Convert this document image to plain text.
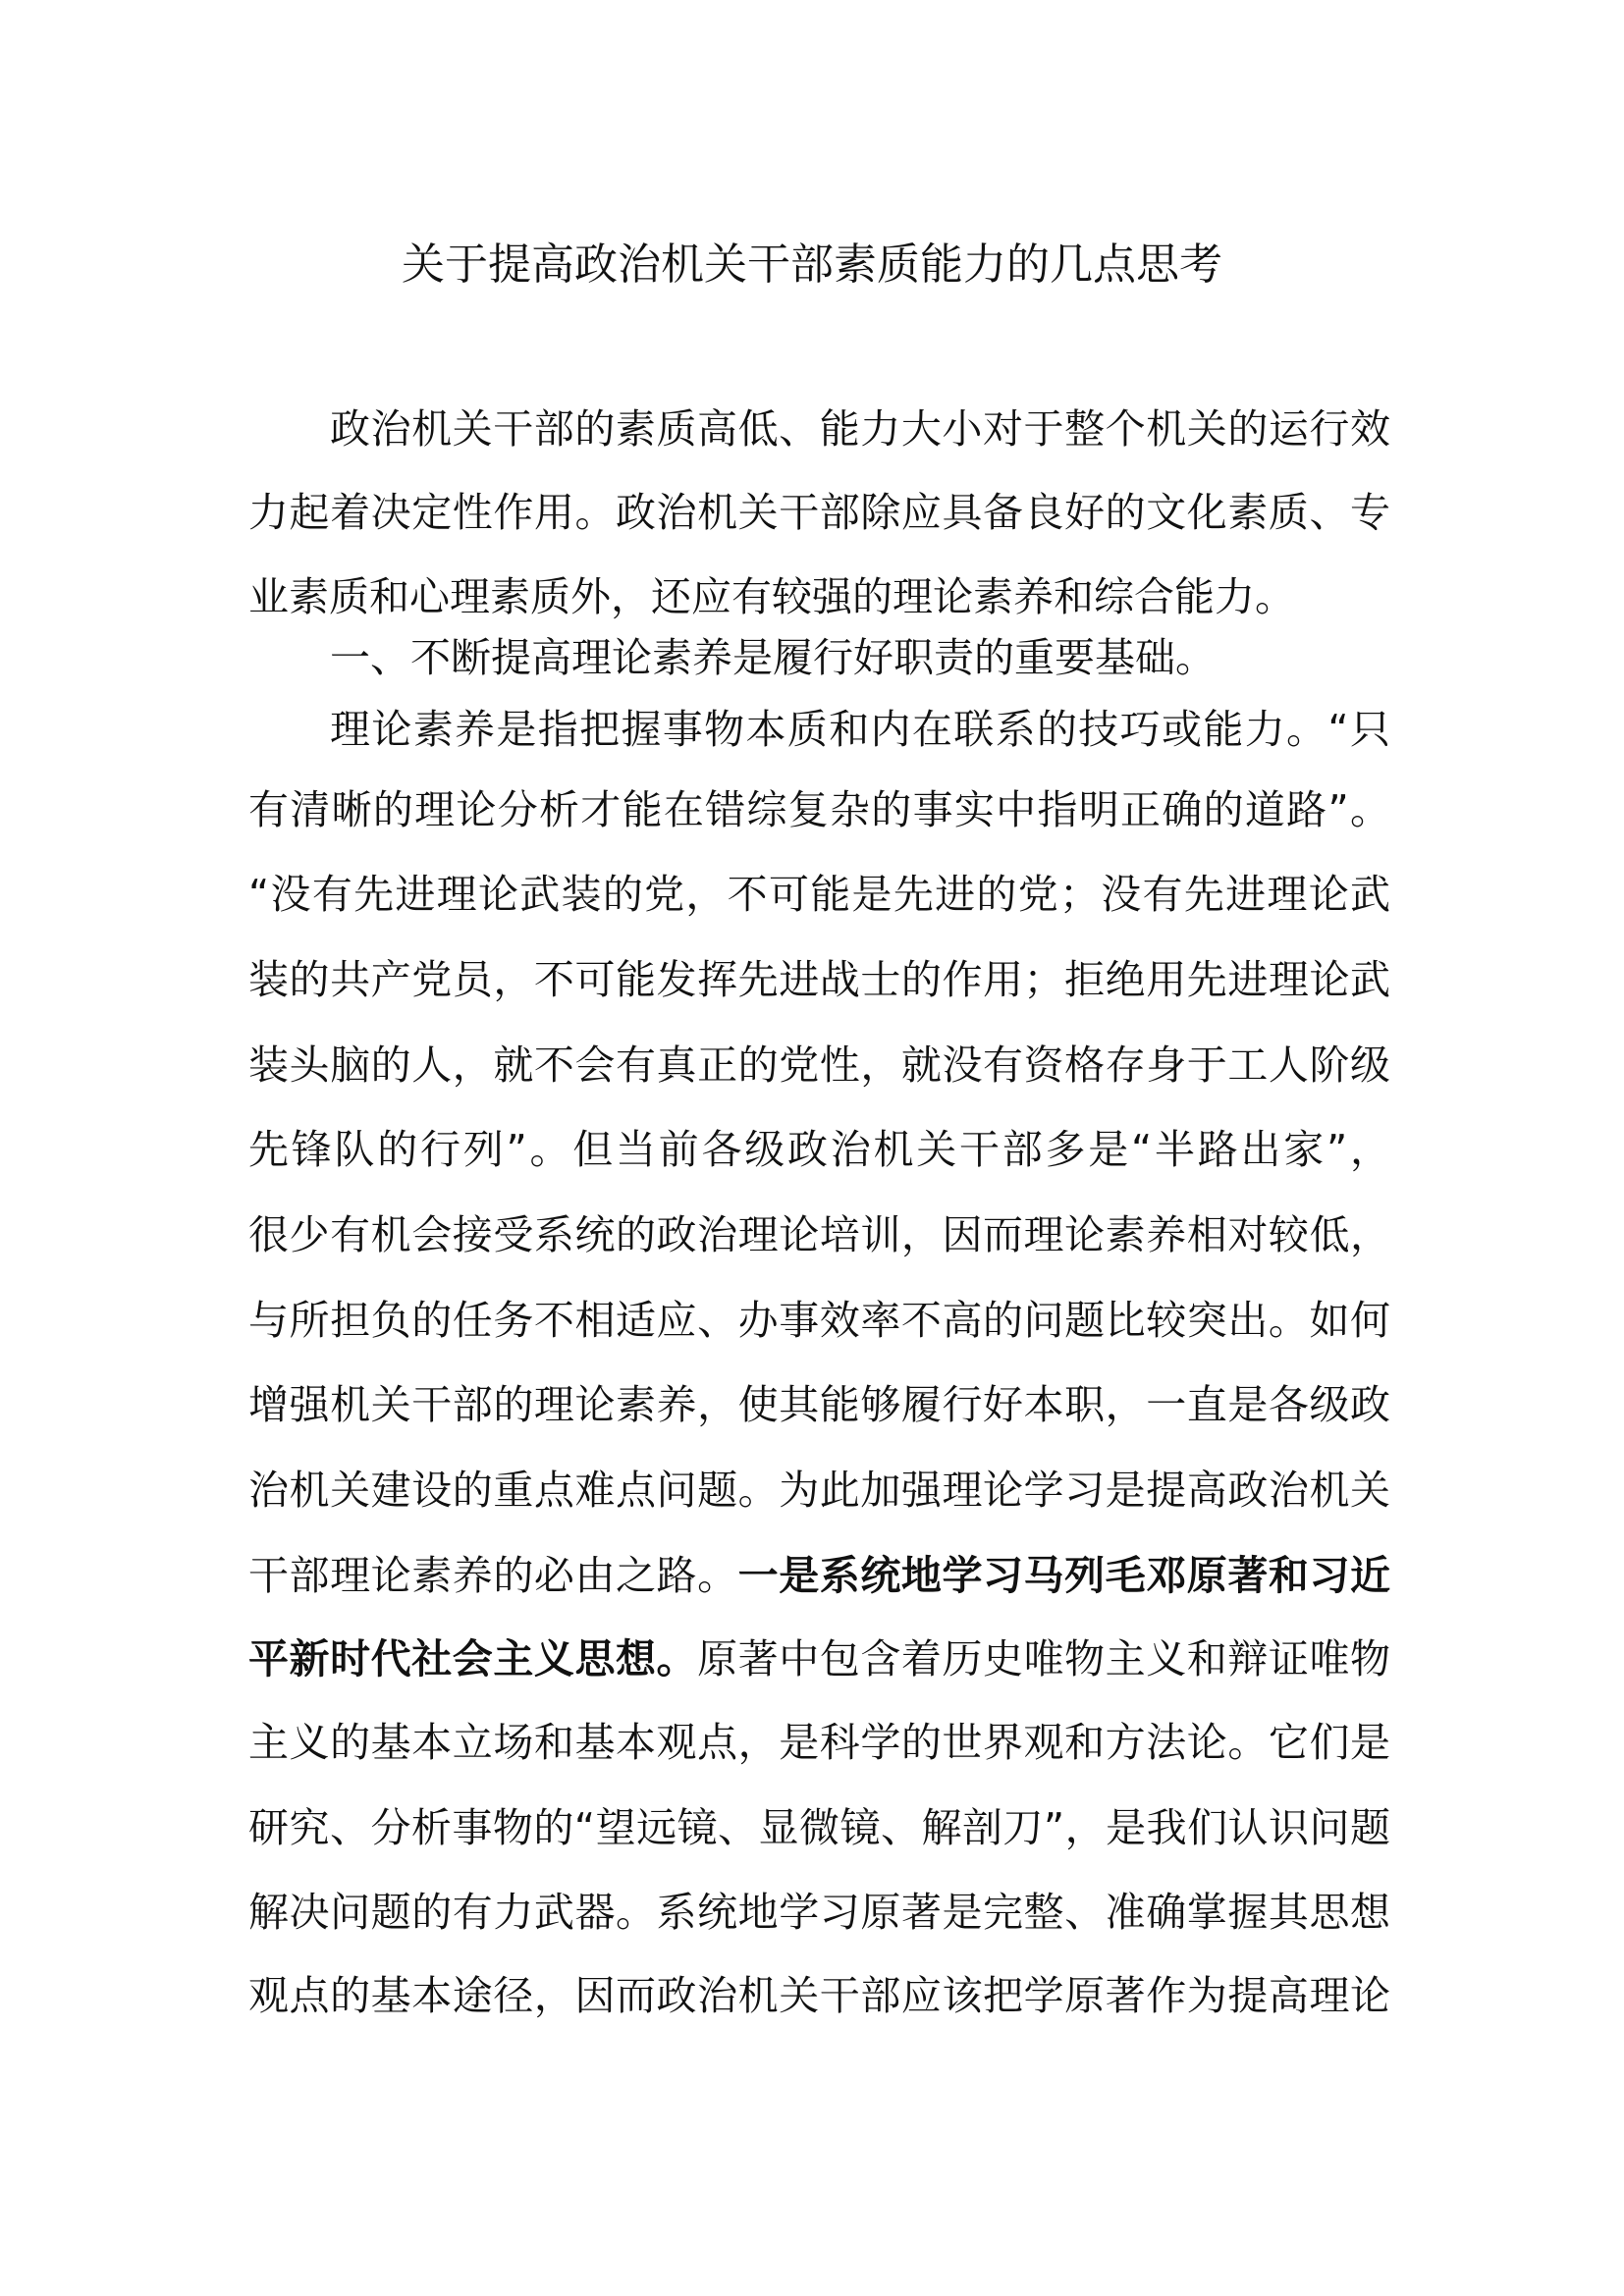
关于提高政治机关干部素质能力的几点思考
政治机关干部的素质高低、能力大小对于整个机关的运行效
力起着决定性作用。政治机关干部除应具备良好的文化素质、专
业素质和心理素质外，还应有较强的理论素养和综合能力。
一、不断提高理论素养是履行好职责的重要基础。
理论素养是指把握事物本质和内在联系的技巧或能力。“只
有清晰的理论分析才能在错综复杂的事实中指明正确的道路”。
“没有先进理论武装的党，不可能是先进的党；没有先进理论武
装的共产党员，不可能发挥先进战士的作用；拒绝用先进理论武
装头脑的人，就不会有真正的党性，就没有资格存身于工人阶级
先锋队的行列”。但当前各级政治机关干部多是“半路出家”，
很少有机会接受系统的政治理论培训，因而理论素养相对较低，
与所担负的任务不相适应、办事效率不高的问题比较突出。如何
增强机关干部的理论素养，使其能够履行好本职，一直是各级政
治机关建设的重点难点问题。为此加强理论学习是提高政治机关
干部理论素养的必由之路。一是系统地学习马列毛邓原著和习近
平新时代社会主义思想。原著中包含着历史唯物主义和辩证唯物
主义的基本立场和基本观点，是科学的世界观和方法论。它们是
研究、分析事物的“望远镜、显微镜、解剖刀”，是我们认识问题
解决问题的有力武器。系统地学习原著是完整、准确掌握其思想
观点的基本途径，因而政治机关干部应该把学原著作为提高理论
